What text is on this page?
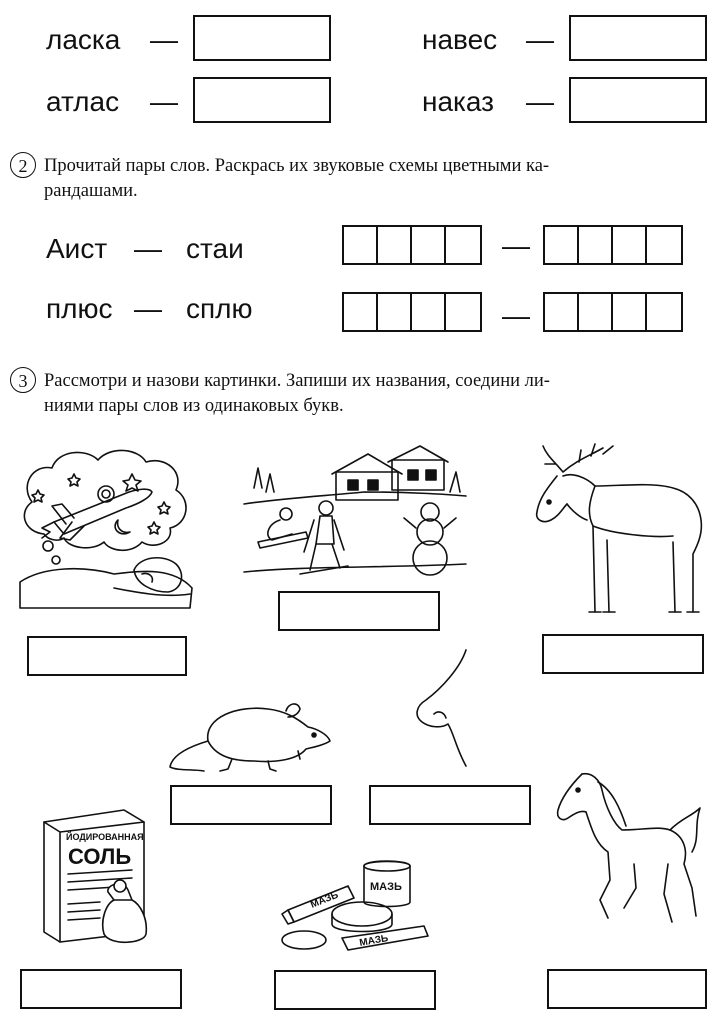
ласка —	навес —
атлас —	наказ —
2 Прочитай пары слов. Раскрась их звуковые схемы цветными ка-
рандашами.
Аист — стаи	—
плюс — сплю	—
3 Рассмотри и назови картинки. Запиши их названия, соедини ли-
ниями пары слов из одинаковых букв.
ЙОДИРОВАННАЯ
СОЛЬ
МАЗЬ
МАЗЬ
МАЗЬ
